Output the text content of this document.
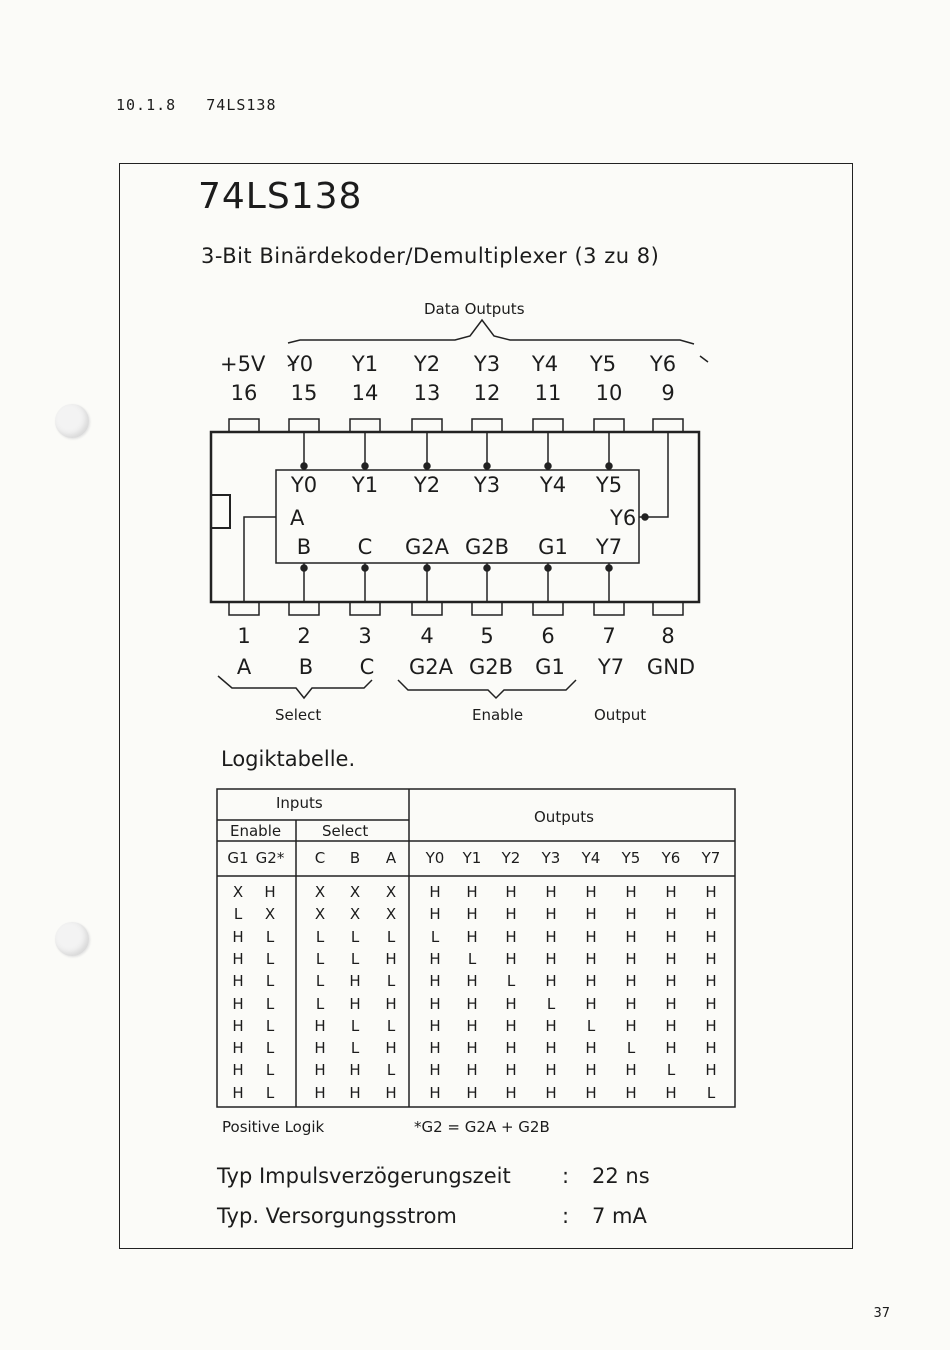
10.1.8 74LS138
74LS138
3-Bit Binärdekoder/Demultiplexer (3 zu 8)
+5V	Y0	Y1	Y2	Y3	Y4	Y5	Y6
16	15	14	13	12	11	10	9
Y0	Y1	Y2	Y3	Y4	Y5
B	C	G2A G2B	G1	Y7
1	2	3	4	5	6	7	8
A	B	C	G2A G2B	G1	Y7	GND
Data Outputs
A	Y6
Select	Enable	Output
Logiktabelle.
Inputs
Outputs
Enable	Select
G1 G2*	C	B	A	Y0	Y1	Y2	Y3	Y4	Y5	Y6	Y7
X	H	X	X	X	H	H	H	H	H	H	H	H
L	X	X	X	X	H	H	H	H	H	H	H	H
H	L	L	L	L	L	H	H	H	H	H	H	H
H	L	L	L	H	H	L	H	H	H	H	H	H
H	L	L	H	L	H	H	L	H	H	H	H	H
H	L	L	H	H	H	H	H	L	H	H	H	H
H	L	H	L	L	H	H	H	H	L	H	H	H
H	L	H	L	H	H	H	H	H	H	L	H	H
H	L	H	H	L	H	H	H	H	H	H	L	H
H	L	H	H	H	H	H	H	H	H	H	H	L
Positive Logik	*G2 = G2A + G2B
Typ Impulsverzögerungszeit : 22 ns
Typ. Versorgungsstrom	: 7 mA
37
